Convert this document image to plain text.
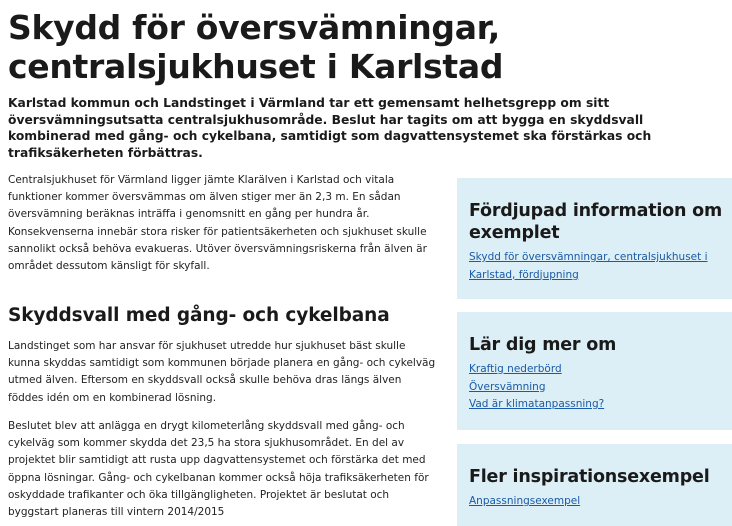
Skydd för översvämningar,
centralsjukhuset i Karlstad

Karlstad kommun och Landstinget i Värmland tar ett gemensamt helhetsgrepp om sitt översvämningsutsatta centralsjukhusområde. Beslut har tagits om att bygga en skyddsvall kombinerad med gång- och cykelbana, samtidigt som dagvattensystemet ska förstärkas och trafiksäkerheten förbättras.

Centralsjukhuset för Värmland ligger jämte Klarälven i Karlstad och vitala funktioner kommer översvämmas om älven stiger mer än 2,3 m. En sådan översvämning beräknas inträffa i genomsnitt en gång per hundra år. Konsekvenserna innebär stora risker för patientsäkerheten och sjukhuset skulle sannolikt också behöva evakueras. Utöver översvämningsriskerna från älven är området dessutom känsligt för skyfall.

Skyddsvall med gång- och cykelbana

Landstinget som har ansvar för sjukhuset utredde hur sjukhuset bäst skulle kunna skyddas samtidigt som kommunen började planera en gång- och cykelväg utmed älven. Eftersom en skyddsvall också skulle behöva dras längs älven föddes idén om en kombinerad lösning.

Beslutet blev att anlägga en drygt kilometerlång skyddsvall med gång- och cykelväg som kommer skydda det 23,5 ha stora sjukhusområdet. En del av projektet blir samtidigt att rusta upp dagvattensystemet och förstärka det med öppna lösningar. Gång- och cykelbanan kommer också höja trafiksäkerheten för oskyddade trafikanter och öka tillgängligheten. Projektet är beslutat och byggstart planeras till vintern 2014/2015

Fördjupad information om exemplet
Skydd för översvämningar, centralsjukhuset i Karlstad, fördjupning
Lär dig mer om
Kraftig nederbörd
Översvämning
Vad är klimatanpassning?
Fler inspirationsexempel
Anpassningsexempel
